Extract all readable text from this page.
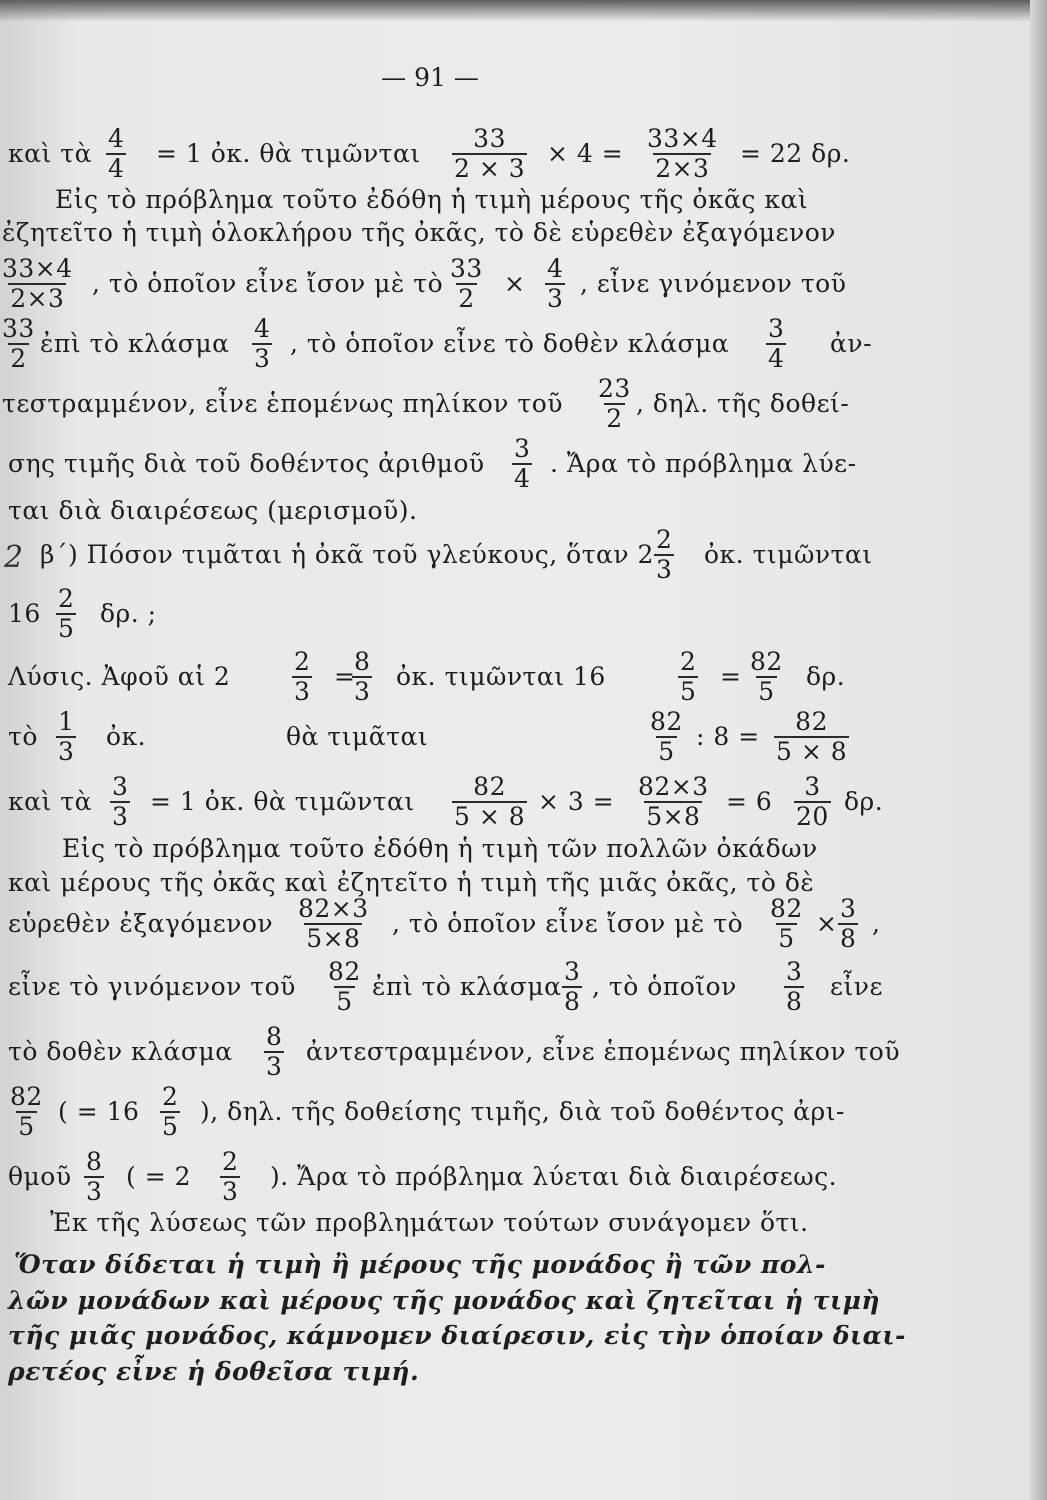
— 91 —
2
καὶ τὰ $\frac{4}{4} = 1$ ὀκ. θὰ τιμῶνται $\frac{33}{2 \times 3} \times 4 = \frac{33\times 4}{2\times 3} = 22$ δρ.
Εἰς τὸ πρόβλημα τοῦτο ἐδόθη ἡ τιμὴ μέρους τῆς ὀκᾶς καὶ
ἐζητεῖτο ἡ τιμὴ ὁλοκλήρου τῆς ὀκᾶς, τὸ δὲ εὑρεθὲν ἐξαγόμενον
$\frac{33\times 4}{2\times 3}$ , τὸ ὁποῖον εἶνε ἴσον μὲ τὸ $\frac{33}{2} \times \frac{4}{3}$ , εἶνε γινόμενον τοῦ
$\frac{33}{2}$ ἐπὶ τὸ κλάσμα $\frac{4}{3}$ , τὸ ὁποῖον εἶνε τὸ δοθὲν κλάσμα $\frac{3}{4}$ ἀν-
τεστραμμένον, εἶνε ἑπομένως πηλίκον τοῦ $\frac{23}{2}$ , δηλ. τῆς δοθεί-
σης τιμῆς διὰ τοῦ δοθέντος ἀριθμοῦ $\frac{3}{4}$ . Ἄρα τὸ πρόβλημα λύε-
ται διὰ διαιρέσεως (μερισμοῦ).
β΄) Πόσον τιμᾶται ἡ ὀκᾶ τοῦ γλεύκους, ὅταν $2 \frac{2}{3}$ ὀκ. τιμῶνται
$16 \frac{2}{5} \delta\rho$. ;
Λύσις. Ἀφοῦ αἱ $2 \frac{2}{3}$ =
$\frac{8}{3}$ ὀκ. τιμῶνται 16	$\frac{2}{5} = \frac{82}{5} \delta\rho$.
τὸ $\frac{1}{3}$ ὀκ.	θὰ τιμᾶται	$\frac{82}{5}$ : $8 = \frac{82}{5 \times 8}$
καὶ τὰ $\frac{3}{3} = 1$ ὀκ. θὰ τιμῶνται $\frac{82}{5 \times 8} \times 3 = \frac{82\times 3}{5\times 8} = 6 \frac{3}{20} \delta\rho$.
Εἰς τὸ πρόβλημα τοῦτο ἐδόθη ἡ τιμὴ τῶν πολλῶν ὀκάδων
καὶ μέρους τῆς ὀκᾶς καὶ ἐζητεῖτο ἡ τιμὴ τῆς μιᾶς ὀκᾶς, τὸ δὲ
εὑρεθὲν ἐξαγόμενον $\frac{82\times 3}{5\times 8}$ , τὸ ὁποῖον εἶνε ἴσον μὲ τὸ $\frac{82}{5} \times \frac{3}{8}$ ,
εἶνε τὸ γινόμενον τοῦ $\frac{82}{5}$ ἐπὶ τὸ κλάσμα $\frac{3}{8}$ , τὸ ὁποῖον $\frac{3}{8}$ εἶνε
τὸ δοθὲν κλάσμα $\frac{8}{3}$ ἀντεστραμμένον, εἶνε ἑπομένως πηλίκον τοῦ
$\frac{82}{5}$ ( = $16 \frac{2}{5}$ ), δηλ. τῆς δοθείσης τιμῆς, διὰ τοῦ δοθέντος ἀρι-
θμοῦ $\frac{8}{3}$ ( = $2 \frac{2}{3}$ ). Ἄρα τὸ πρόβλημα λύεται διὰ διαιρέσεως.
Ἐκ τῆς λύσεως τῶν προβλημάτων τούτων συνάγομεν ὅτι.
Ὅταν δίδεται ἡ τιμὴ ἢ μέρους τῆς μονάδος ἢ τῶν πολ-
λῶν μονάδων καὶ μέρους τῆς μονάδος καὶ ζητεῖται ἡ τιμὴ
τῆς μιᾶς μονάδος, κάμνομεν διαίρεσιν, εἰς τὴν ὁποίαν διαι-
ρετέος εἶνε ἡ δοθεῖσα τιμή.
